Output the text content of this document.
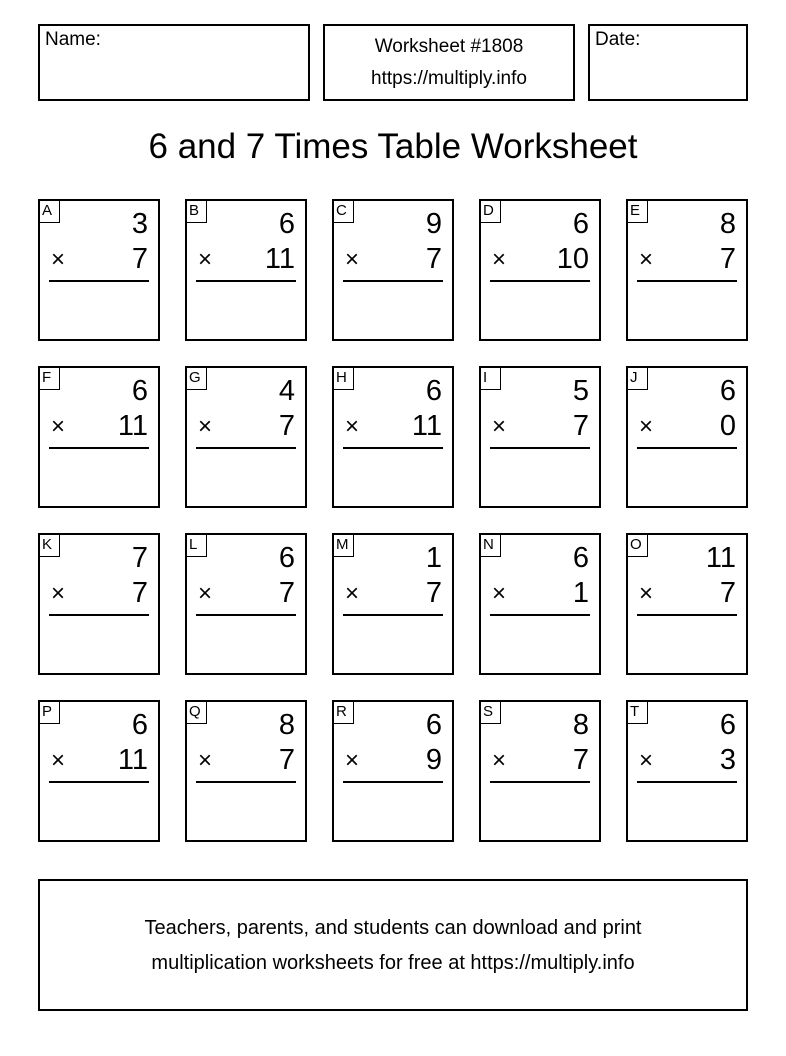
Name:	Worksheet #1808
https://multiply.info
Date:
6 and 7 Times Table Worksheet
A	3
× 7
B	6
× 11
C	9
× 7
D	6
× 10
E	8
× 7
F	6
× 11
G	4
× 7
H	6
× 11
I	5
× 7
J	6
× 0
K	7
× 7
L	6
× 7
M	1
× 7
N	6
× 1
O 11
× 7
P	6
× 11
Q	8
× 7
R	6
× 9
S	8
× 7
T	6
× 3
Teachers, parents, and students can download and print
multiplication worksheets for free at https://multiply.info
